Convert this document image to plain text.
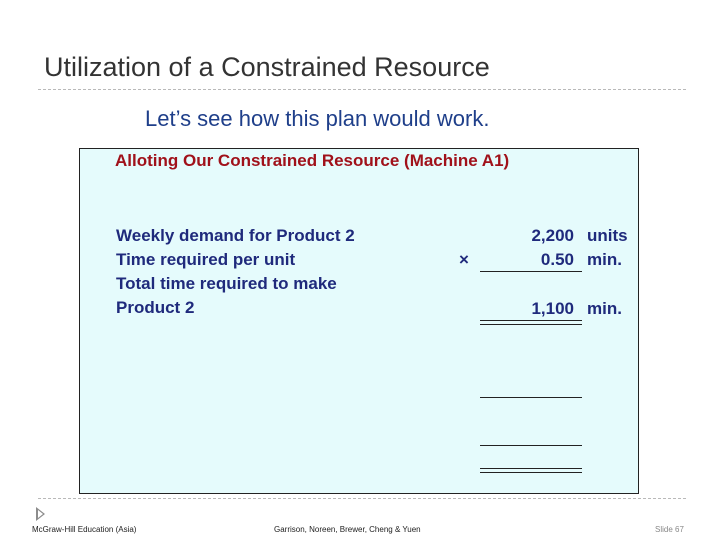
Utilization of a Constrained Resource
Let’s see how this plan would work.
Alloting Our Constrained Resource (Machine A1)
Weekly demand for Product 2	2,200 units
Time required per unit	×	0.50 min.
Total time required to make
Product 2	1,100 min.
McGraw-Hill Education (Asia)	Garrison, Noreen, Brewer, Cheng & Yuen	Slide 67
